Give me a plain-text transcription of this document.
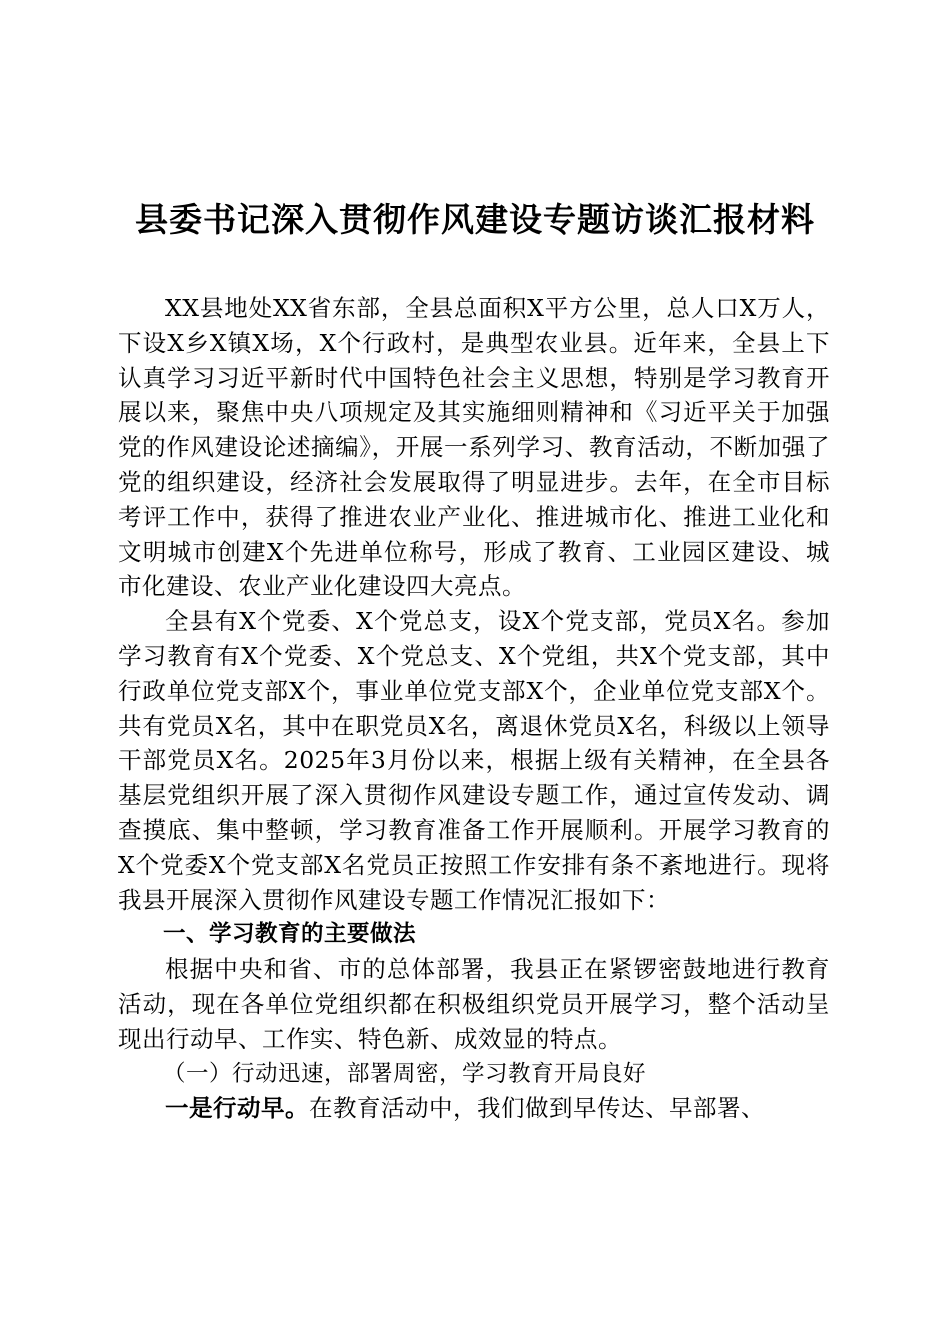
县委书记深入贯彻作风建设专题访谈汇报材料

XX县地处XX省东部，全县总面积X平方公里，总人口X万人，下设X乡X镇X场，X个行政村，是典型农业县。近年来，全县上下认真学习习近平新时代中国特色社会主义思想，特别是学习教育开展以来，聚焦中央八项规定及其实施细则精神和《习近平关于加强党的作风建设论述摘编》，开展一系列学习、教育活动，不断加强了党的组织建设，经济社会发展取得了明显进步。去年，在全市目标考评工作中，获得了推进农业产业化、推进城市化、推进工业化和文明城市创建X个先进单位称号，形成了教育、工业园区建设、城市化建设、农业产业化建设四大亮点。

全县有X个党委、X个党总支，设X个党支部，党员X名。参加学习教育有X个党委、X个党总支、X个党组，共X个党支部，其中行政单位党支部X个，事业单位党支部X个，企业单位党支部X个。共有党员X名，其中在职党员X名，离退休党员X名，科级以上领导干部党员X名。2025年3月份以来，根据上级有关精神，在全县各基层党组织开展了深入贯彻作风建设专题工作，通过宣传发动、调查摸底、集中整顿，学习教育准备工作开展顺利。开展学习教育的X个党委X个党支部X名党员正按照工作安排有条不紊地进行。现将我县开展深入贯彻作风建设专题工作情况汇报如下：

一、学习教育的主要做法

根据中央和省、市的总体部署，我县正在紧锣密鼓地进行教育活动，现在各单位党组织都在积极组织党员开展学习，整个活动呈现出行动早、工作实、特色新、成效显的特点。

（一）行动迅速，部署周密，学习教育开局良好

一是行动早。在教育活动中，我们做到早传达、早部署、
